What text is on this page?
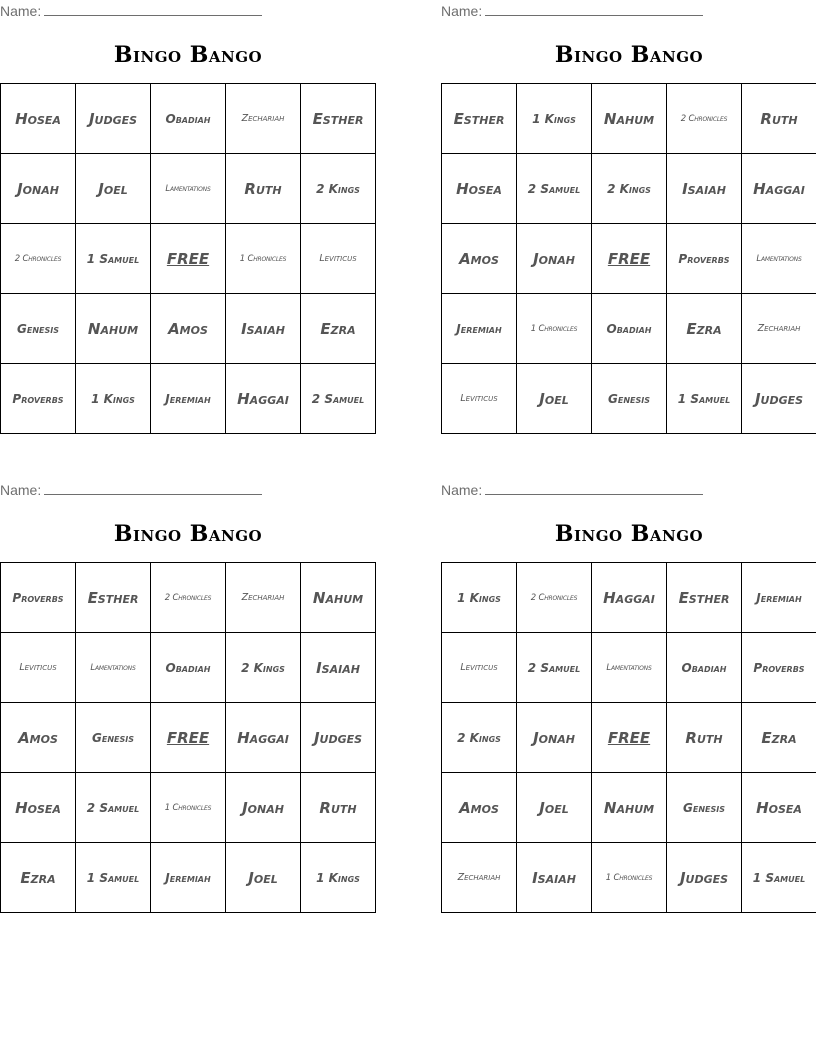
Name:
Bingo Bango
Hosea	Judges	Obadiah	Zechariah	Esther
Jonah	Joel	Lamentations	Ruth	2 Kings
2 Chronicles	1 Samuel	FREE	1 Chronicles	Leviticus
Genesis	Nahum	Amos	Isaiah	Ezra
Proverbs	1 Kings	Jeremiah	Haggai	2 Samuel
Name:
Bingo Bango
Esther	1 Kings	Nahum	2 Chronicles	Ruth
Hosea	2 Samuel	2 Kings	Isaiah	Haggai
Amos	Jonah	FREE	Proverbs	Lamentations
Jeremiah	1 Chronicles	Obadiah	Ezra	Zechariah
Leviticus	Joel	Genesis	1 Samuel	Judges
Name:
Bingo Bango
Proverbs	Esther	2 Chronicles	Zechariah	Nahum
Leviticus	Lamentations	Obadiah	2 Kings	Isaiah
Amos	Genesis	FREE	Haggai	Judges
Hosea	2 Samuel	1 Chronicles	Jonah	Ruth
Ezra	1 Samuel	Jeremiah	Joel	1 Kings
Name:
Bingo Bango
1 Kings	2 Chronicles	Haggai	Esther	Jeremiah
Leviticus	2 Samuel	Lamentations	Obadiah	Proverbs
2 Kings	Jonah	FREE	Ruth	Ezra
Amos	Joel	Nahum	Genesis	Hosea
Zechariah	Isaiah	1 Chronicles	Judges	1 Samuel
